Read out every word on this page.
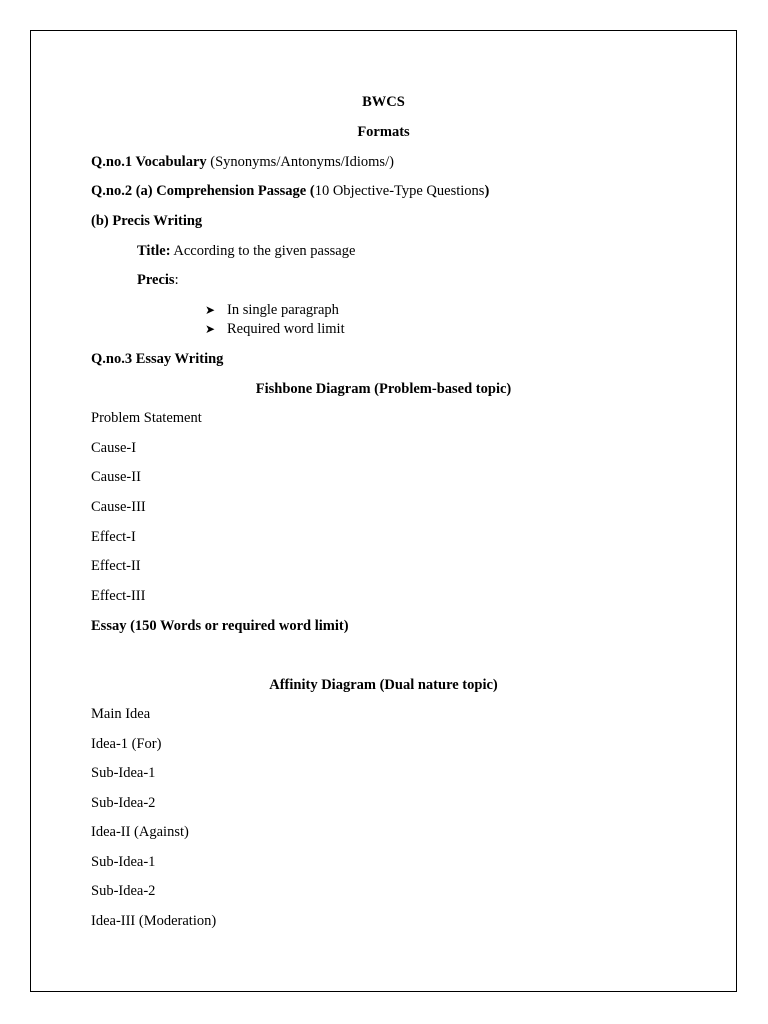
BWCS
Formats
Q.no.1 Vocabulary (Synonyms/Antonyms/Idioms/)
Q.no.2 (a) Comprehension Passage (10 Objective-Type Questions)
(b) Precis Writing
Title: According to the given passage
Precis:
➤ In single paragraph
➤ Required word limit
Q.no.3 Essay Writing
Fishbone Diagram (Problem-based topic)
Problem Statement
Cause-I
Cause-II
Cause-III
Effect-I
Effect-II
Effect-III
Essay (150 Words or required word limit)
Affinity Diagram (Dual nature topic)
Main Idea
Idea-1 (For)
Sub-Idea-1
Sub-Idea-2
Idea-II (Against)
Sub-Idea-1
Sub-Idea-2
Idea-III (Moderation)
